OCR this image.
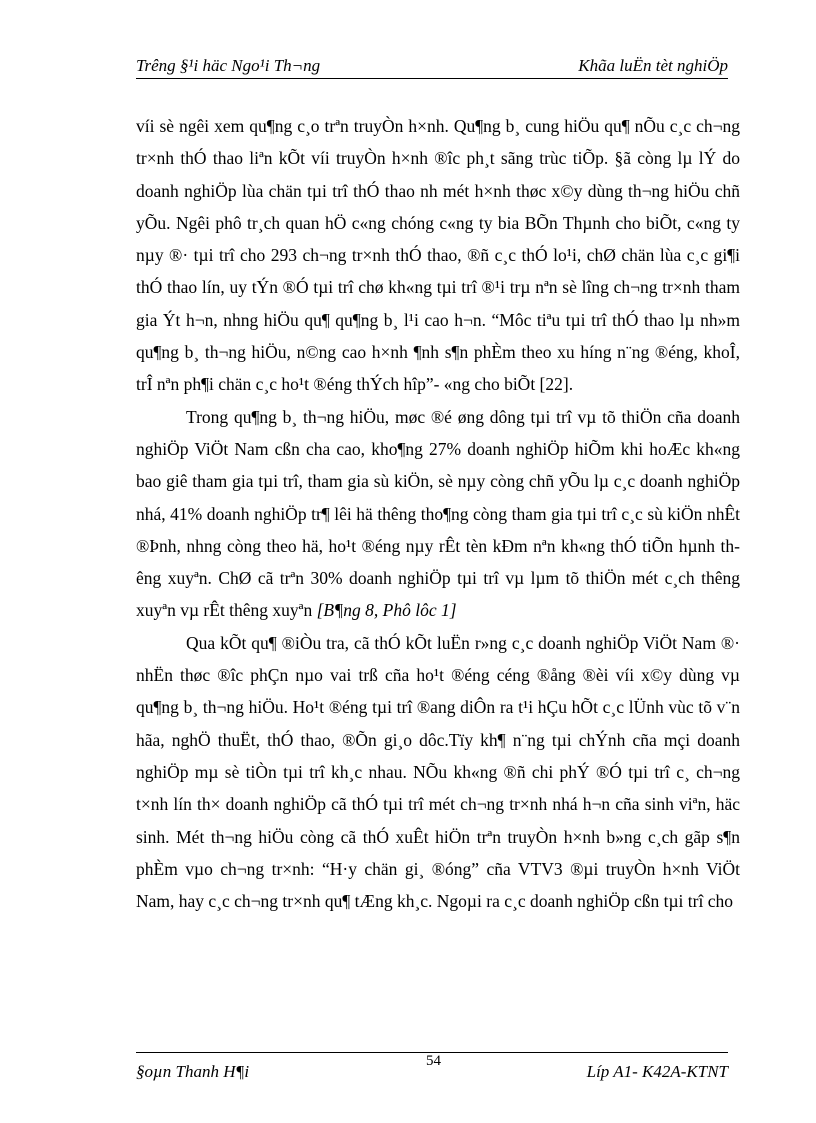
Trêng §¹i häc Ngo¹i Th¬ng	Khãa luËn tèt nghiÖp

víi sè ngêi xem qu¶ng c¸o trªn truyÒn h×nh. Qu¶ng b¸ cung hiÖu qu¶ nÕu c¸c ch¬ng tr×nh thÓ thao liªn kÕt víi truyÒn h×nh ®îc ph¸t sãng trùc tiÕp. §ã còng lµ lÝ do doanh nghiÖp lùa chän tµi trî thÓ thao nh mét h×nh thøc x©y dùng th¬ng hiÖu chñ yÕu. Ngêi phô tr¸ch quan hÖ c«ng chóng c«ng ty bia BÕn Thµnh cho biÕt, c«ng ty nµy ®· tµi trî cho 293 ch¬ng tr×nh thÓ thao, ®ñ c¸c thÓ lo¹i, chØ chän lùa c¸c gi¶i thÓ thao lín, uy tÝn ®Ó tµi trî chø kh«ng tµi trî ®¹i trµ nªn sè lîng ch¬ng tr×nh tham gia Ýt h¬n, nhng hiÖu qu¶ qu¶ng b¸ l¹i cao h¬n. “Môc tiªu tµi trî thÓ thao lµ nh»m qu¶ng b¸ th¬ng hiÖu, n©ng cao h×nh ¶nh s¶n phÈm theo xu híng n¨ng ®éng, khoÎ, trÎ nªn ph¶i chän c¸c ho¹t ®éng thÝch hîp”- «ng cho biÕt [22].

Trong qu¶ng b¸ th¬ng hiÖu, møc ®é øng dông tµi trî vµ tõ thiÖn cña doanh nghiÖp ViÖt Nam cßn cha cao, kho¶ng 27% doanh nghiÖp hiÕm khi hoÆc kh«ng bao giê tham gia tµi trî, tham gia sù kiÖn, sè nµy còng chñ yÕu lµ c¸c doanh nghiÖp nhá, 41% doanh nghiÖp tr¶ lêi hä thêng tho¶ng còng tham gia tµi trî c¸c sù kiÖn nhÊt ®Þnh, nhng còng theo hä, ho¹t ®éng nµy rÊt tèn kÐm nªn kh«ng thÓ tiÕn hµnh thêng xuyªn. ChØ cã trªn 30% doanh nghiÖp tµi trî vµ lµm tõ thiÖn mét c¸ch thêng xuyªn vµ rÊt thêng xuyªn [B¶ng 8, Phô lôc 1]

Qua kÕt qu¶ ®iÒu tra, cã thÓ kÕt luËn r»ng c¸c doanh nghiÖp ViÖt Nam ®· nhËn thøc ®îc phÇn nµo vai trß cña ho¹t ®éng céng ®ång ®èi víi x©y dùng vµ qu¶ng b¸ th¬ng hiÖu. Ho¹t ®éng tµi trî ®ang diÔn ra t¹i hÇu hÕt c¸c lÜnh vùc tõ v¨n hãa, nghÖ thuËt, thÓ thao, ®Õn gi¸o dôc.Tïy kh¶ n¨ng tµi chÝnh cña mçi doanh nghiÖp mµ sè tiÒn tµi trî kh¸c nhau. NÕu kh«ng ®ñ chi phÝ ®Ó tµi trî c¸ ch¬ng t×nh lín th× doanh nghiÖp cã thÓ tµi trî mét ch¬ng tr×nh nhá h¬n cña sinh viªn, häc sinh. Mét th¬ng hiÖu còng cã thÓ xuÊt hiÖn trªn truyÒn h×nh b»ng c¸ch gãp s¶n phÈm vµo ch¬ng tr×nh: “H·y chän gi¸ ®óng” cña VTV3 ®µi truyÒn h×nh ViÖt Nam, hay c¸c ch¬ng tr×nh qu¶ tÆng kh¸c. Ngoµi ra c¸c doanh nghiÖp cßn tµi trî cho

§oµn Thanh H¶i
54
Líp A1- K42A-KTNT
